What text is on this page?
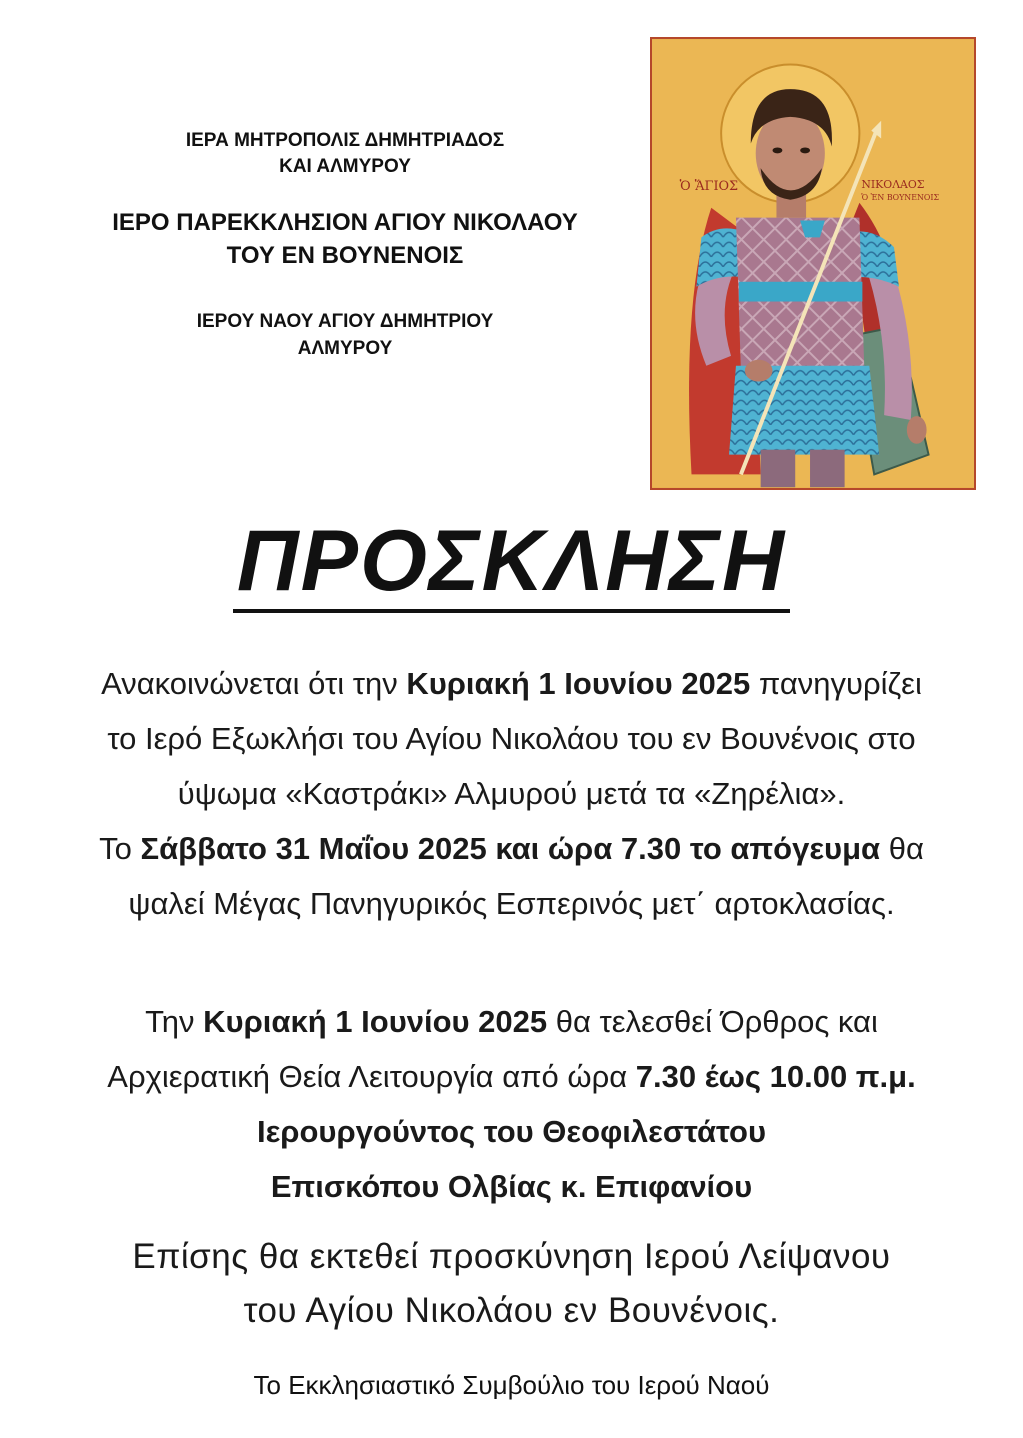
ΙΕΡΑ ΜΗΤΡΟΠΟΛΙΣ ΔΗΜΗΤΡΙΑΔΟΣ
ΚΑΙ ΑΛΜΥΡΟΥ
ΙΕΡΟ ΠΑΡΕΚΚΛΗΣΙΟΝ ΑΓΙΟΥ ΝΙΚΟΛΑΟΥ
ΤΟΥ ΕΝ ΒΟΥΝΕΝΟΙΣ
ΙΕΡΟΥ ΝΑΟΥ ΑΓΙΟΥ ΔΗΜΗΤΡΙΟΥ
ΑΛΜΥΡΟΥ
Ὁ ἍΓΙΟΣ	ΝΙΚΟΛΑΟΣ
Ὁ ἘΝ ΒΟΥΝΕΝΟΙΣ
ΠΡΟΣΚΛΗΣΗ
Ανακοινώνεται ότι την Κυριακή 1 Ιουνίου 2025 πανηγυρίζει
το Ιερό Εξωκλήσι του Αγίου Νικολάου του εν Βουνένοις στο
ύψωμα «Καστράκι» Αλμυρού μετά τα «Ζηρέλια».
Το Σάββατο 31 Μαΐου 2025 και ώρα 7.30 το απόγευμα θα
ψαλεί Μέγας Πανηγυρικός Εσπερινός μετ΄ αρτοκλασίας.
Την Κυριακή 1 Ιουνίου 2025 θα τελεσθεί Όρθρος και
Αρχιερατική Θεία Λειτουργία από ώρα 7.30 έως 10.00 π.μ.
Ιερουργούντος του Θεοφιλεστάτου
Επισκόπου Ολβίας κ. Επιφανίου
Επίσης θα εκτεθεί προσκύνηση Ιερού Λείψανου
του Αγίου Νικολάου εν Βουνένοις.
Το Εκκλησιαστικό Συμβούλιο του Ιερού Ναού
